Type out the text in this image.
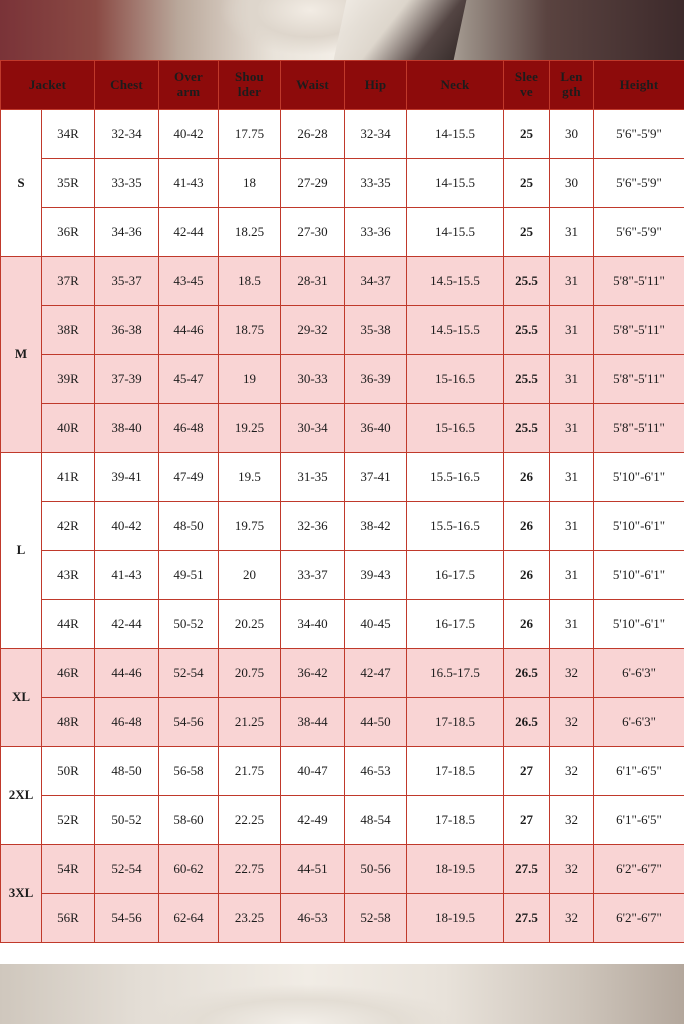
Jacket	Chest	Over
arm

Shou
lder	Waist	Hip	Neck	Slee
ve

Len
gth	Height
S	34R	32-34	40-42	17.75	26-28	32-34	14-15.5	25	30	5'6"-5'9"
	35R	33-35	41-43	18	27-29	33-35	14-15.5	25	30	5'6"-5'9"
	36R	34-36	42-44	18.25	27-30	33-36	14-15.5	25	31	5'6"-5'9"
M	37R	35-37	43-45	18.5	28-31	34-37	14.5-15.5	25.5	31	5'8"-5'11"
	38R	36-38	44-46	18.75	29-32	35-38	14.5-15.5	25.5	31	5'8"-5'11"
	39R	37-39	45-47	19	30-33	36-39	15-16.5	25.5	31	5'8"-5'11"
	40R	38-40	46-48	19.25	30-34	36-40	15-16.5	25.5	31	5'8"-5'11"
L	41R	39-41	47-49	19.5	31-35	37-41	15.5-16.5	26	31	5'10"-6'1"
	42R	40-42	48-50	19.75	32-36	38-42	15.5-16.5	26	31	5'10"-6'1"
	43R	41-43	49-51	20	33-37	39-43	16-17.5	26	31	5'10"-6'1"
	44R	42-44	50-52	20.25	34-40	40-45	16-17.5	26	31	5'10"-6'1"
XL	46R	44-46	52-54	20.75	36-42	42-47	16.5-17.5	26.5	32	6'-6'3"
	48R	46-48	54-56	21.25	38-44	44-50	17-18.5	26.5	32	6'-6'3"
2XL	50R	48-50	56-58	21.75	40-47	46-53	17-18.5	27	32	6'1"-6'5"
	52R	50-52	58-60	22.25	42-49	48-54	17-18.5	27	32	6'1"-6'5"
3XL	54R	52-54	60-62	22.75	44-51	50-56	18-19.5	27.5	32	6'2"-6'7"
	56R	54-56	62-64	23.25	46-53	52-58	18-19.5	27.5	32	6'2"-6'7"
